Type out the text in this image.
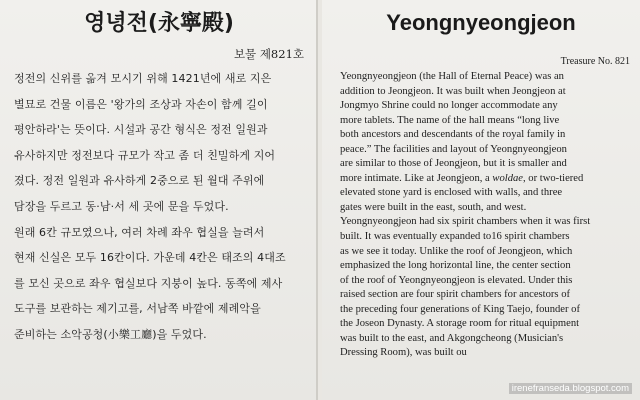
영녕전(永寧殿)
보물 제821호
정전의 신위를 옮겨 모시기 위해 1421년에 새로 지은
별묘로 건물 이름은 '왕가의 조상과 자손이 함께 길이
평안하라'는 뜻이다. 시설과 공간 형식은 정전 일원과
유사하지만 정전보다 규모가 작고 좀 더 친밀하게 지어
졌다. 정전 일원과 유사하게 2중으로 된 월대 주위에
담장을 두르고 동·남·서 세 곳에 문을 두었다.
원래 6칸 규모였으나, 여러 차례 좌우 협실을 늘려서
현재 신실은 모두 16칸이다. 가운데 4칸은 태조의 4대조
를 모신 곳으로 좌우 협실보다 지붕이 높다. 동쪽에 제사
도구를 보관하는 제기고를, 서남쪽 바깥에 제례악을
준비하는 소악공청(小樂工廳)을 두었다.
Yeongnyeongjeon
Treasure No. 821
Yeongnyeongjeon (the Hall of Eternal Peace) was an
addition to Jeongjeon. It was built when Jeongjeon at
Jongmyo Shrine could no longer accommodate any
more tablets. The name of the hall means “long live
both ancestors and descendants of the royal family in
peace.” The facilities and layout of Yeongnyeongjeon
are similar to those of Jeongjeon, but it is smaller and
more intimate. Like at Jeongjeon, a woldae, or two-tiered
elevated stone yard is enclosed with walls, and three
gates were built in the east, south, and west.
Yeongnyeongjeon had six spirit chambers when it was first
built. It was eventually expanded to16 spirit chambers
as we see it today. Unlike the roof of Jeongjeon, which
emphasized the long horizontal line, the center section
of the roof of Yeongnyeongjeon is elevated. Under this
raised section are four spirit chambers for ancestors of
the preceding four generations of King Taejo, founder of
the Joseon Dynasty. A storage room for ritual equipment
was built to the east, and Akgongcheong (Musician's
Dressing Room), was built ou
irenefranseda.blogspot.com
